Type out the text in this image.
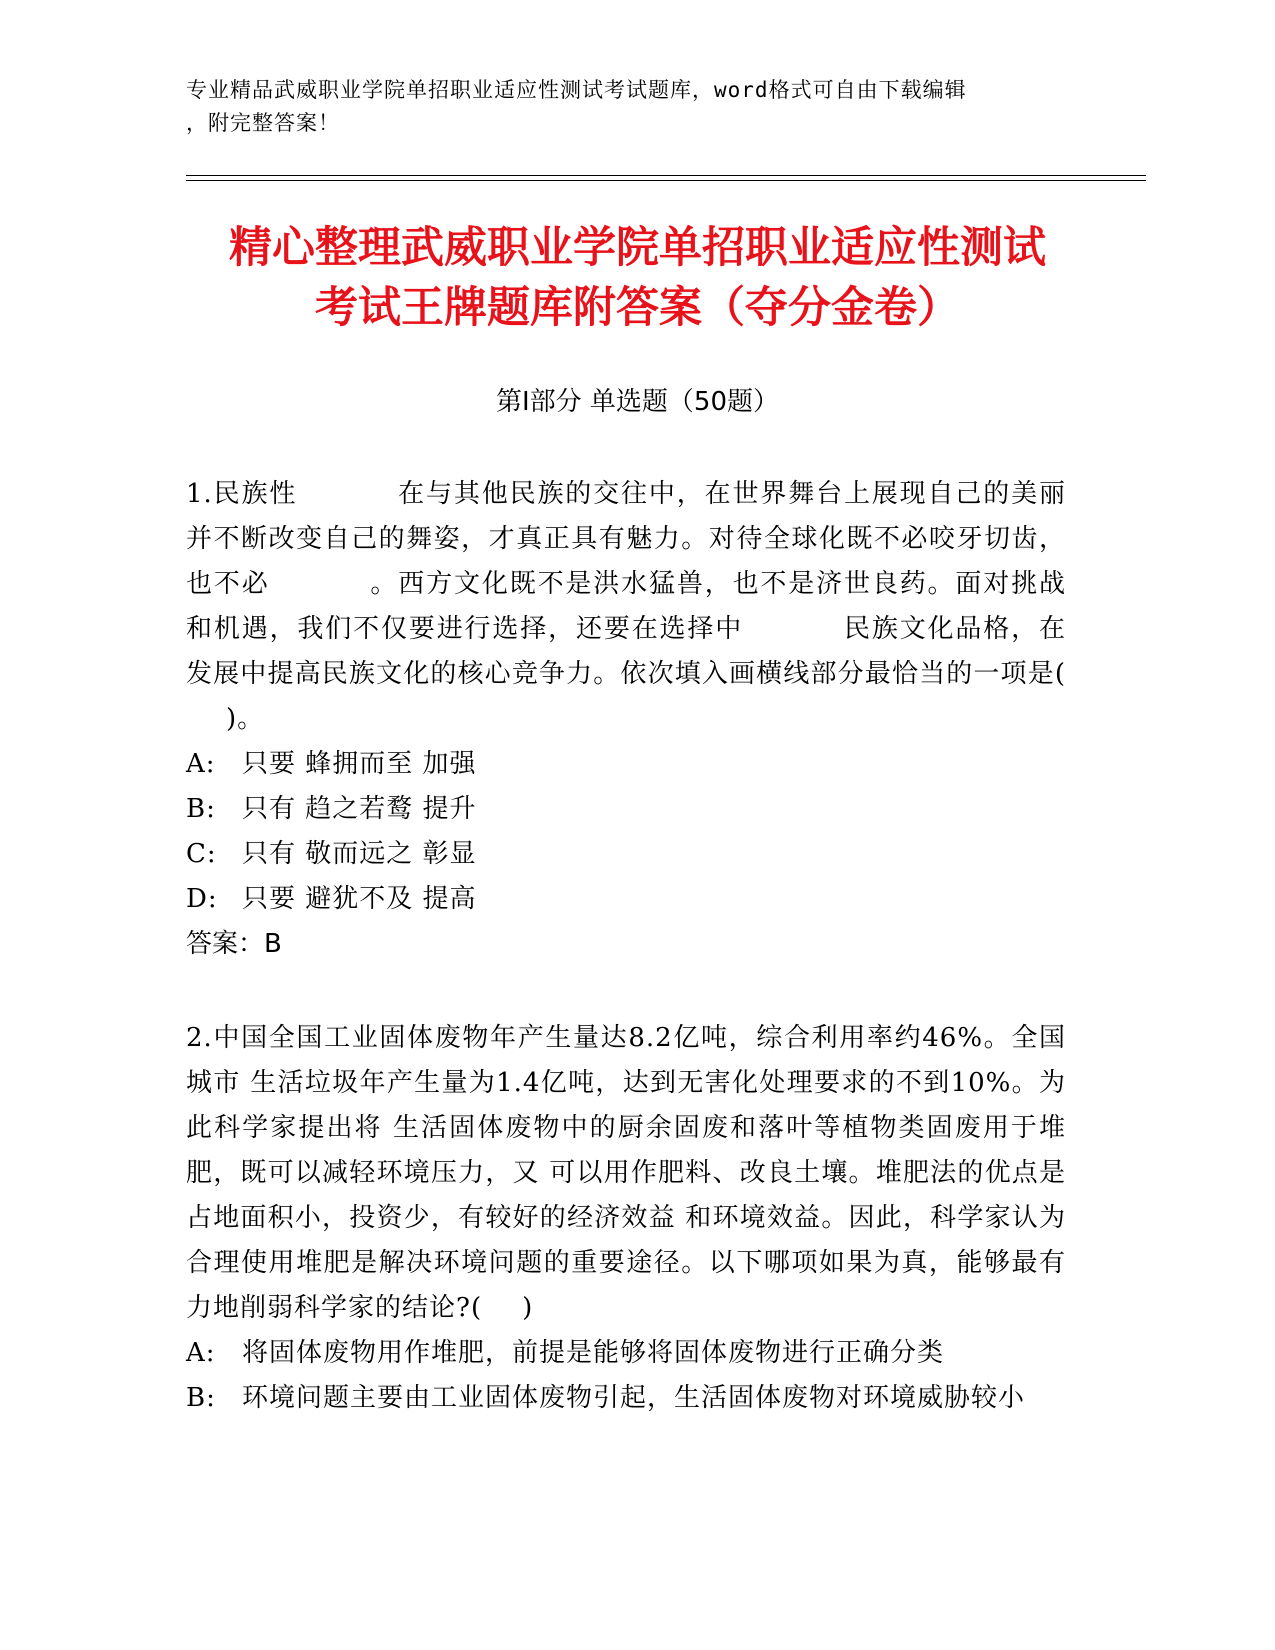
专业精品武威职业学院单招职业适应性测试考试题库，word格式可自由下载编辑
，附完整答案！
精心整理武威职业学院单招职业适应性测试
考试王牌题库附答案（夺分金卷）
第Ⅰ部分 单选题（50题）
1.民族性	在与其他民族的交往中，在世界舞台上展现自己的美丽并不断改变自己的舞姿，才真正具有魅力。对待全球化既不必咬牙切齿，也不必	。西方文化既不是洪水猛兽，也不是济世良药。面对挑战和机遇，我们不仅要进行选择，还要在选择中	民族文化品格，在发展中提高民族文化的核心竞争力。依次填入画横线部分最恰当的一项是()。
A:	只要 蜂拥而至 加强
B:	只有 趋之若鹜 提升
C: 只有 敬而远之 彰显
D: 只要 避犹不及 提高
答案：B
2.中国全国工业固体废物年产生量达8.2亿吨，综合利用率约46%。全国城市 生活垃圾年产生量为1.4亿吨，达到无害化处理要求的不到10%。为此科学家提出将 生活固体废物中的厨余固废和落叶等植物类固废用于堆肥，既可以减轻环境压力，又 可以用作肥料、改良土壤。堆肥法的优点是占地面积小，投资少，有较好的经济效益 和环境效益。因此，科学家认为合理使用堆肥是解决环境问题的重要途径。以下哪项如果为真，能够最有力地削弱科学家的结论?( )
A:	将固体废物用作堆肥，前提是能够将固体废物进行正确分类
B:	环境问题主要由工业固体废物引起，生活固体废物对环境威胁较小
